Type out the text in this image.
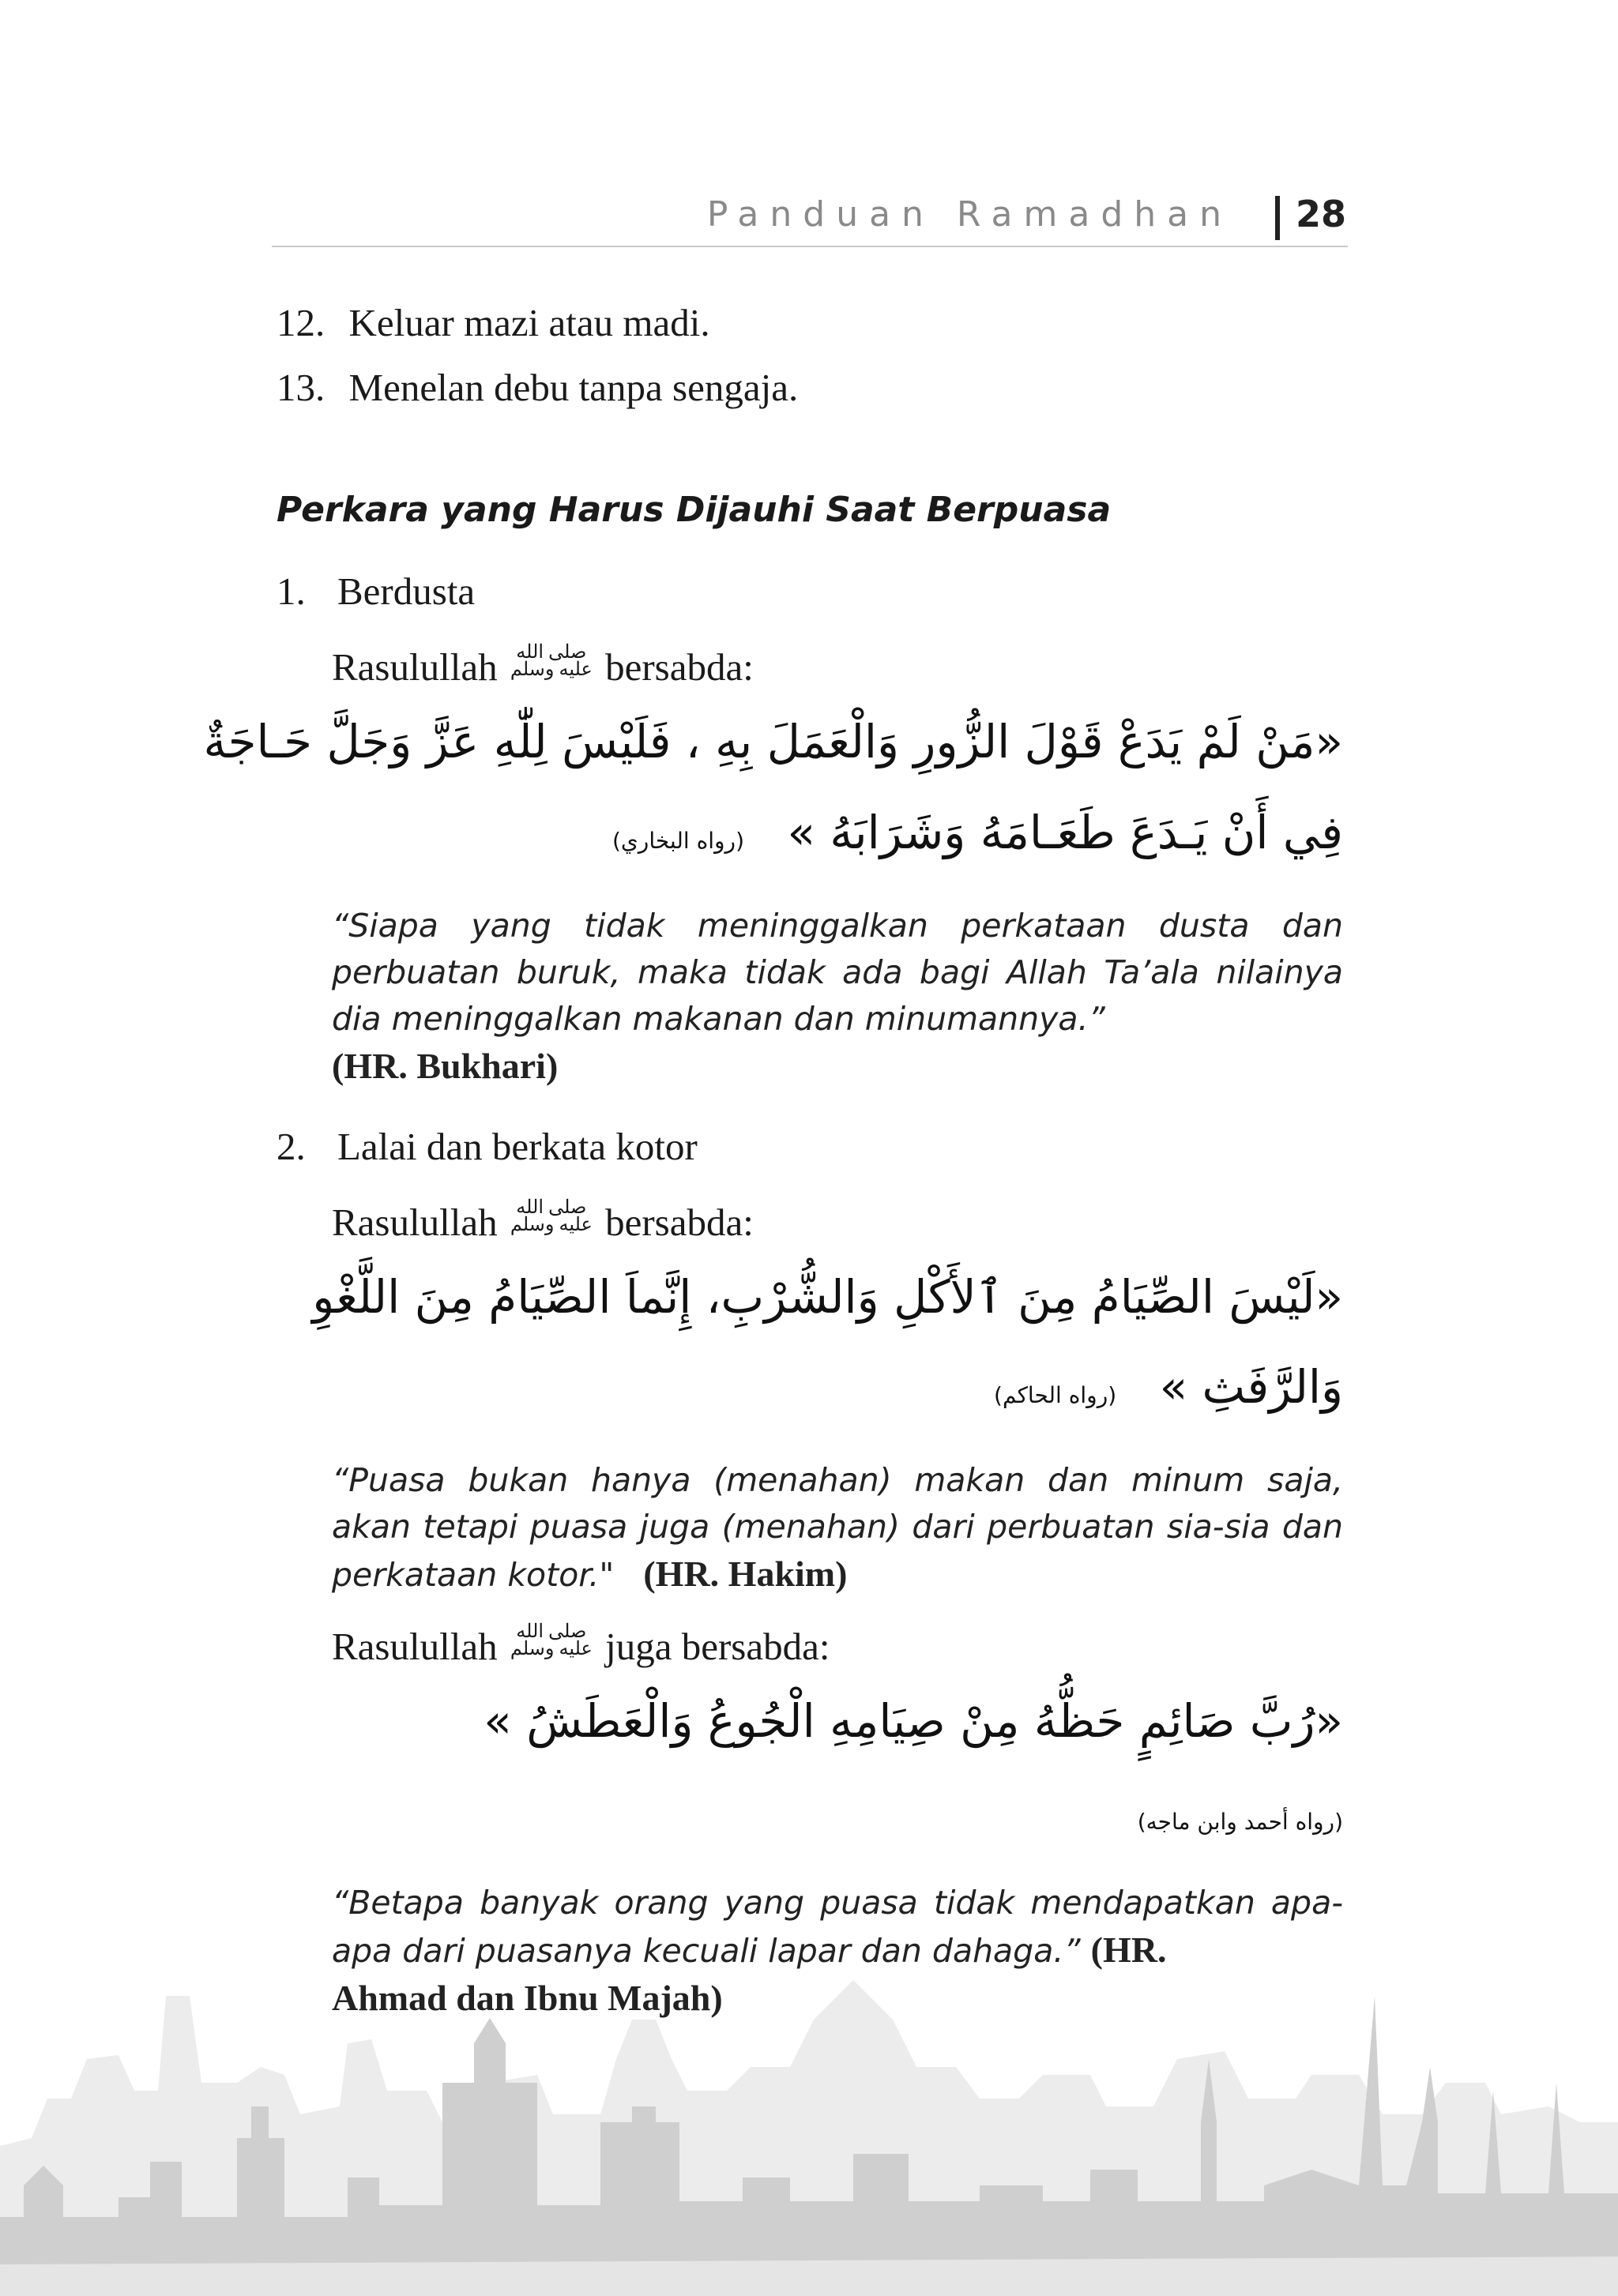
Panduan Ramadhan 28
12. Keluar mazi atau madi.
13. Menelan debu tanpa sengaja.
Perkara yang Harus Dijauhi Saat Berpuasa
1. Berdusta
Rasulullah صلى الله
عليه وسلم bersabda:
«مَنْ لَمْ يَدَعْ قَوْلَ الزُّورِ وَالْعَمَلَ بِهِ ، فَلَيْسَ لِلّٰهِ عَزَّ وَجَلَّ حَـاجَةٌ
فِي أَنْ يَـدَعَ طَعَـامَهُ وَشَرَابَهُ » (رواه البخاري)
“Siapa yang tidak meninggalkan perkataan dusta dan perbuatan buruk, maka tidak ada bagi Allah Ta’ala nilainya dia meninggalkan makanan dan minumannya.”
(HR. Bukhari)
2. Lalai dan berkata kotor
Rasulullah صلى الله
عليه وسلم bersabda:
«لَيْسَ الصِّيَامُ مِنَ ٱلأَكْلِ وَالشُّرْبِ، إِنَّماَ الصِّيَامُ مِنَ اللَّغْوِ
وَالرَّفَثِ » (رواه الحاكم)
“Puasa bukan hanya (menahan) makan dan minum saja, akan tetapi puasa juga (menahan) dari perbuatan sia-sia dan perkataan kotor." (HR. Hakim)
Rasulullah صلى الله
عليه وسلم juga bersabda:
«رُبَّ صَائِمٍ حَظُّهُ مِنْ صِيَامِهِ الْجُوعُ وَالْعَطَشُ »
(رواه أحمد وابن ماجه)
“Betapa banyak orang yang puasa tidak mendapatkan apa-apa dari puasanya kecuali lapar dan dahaga.” (HR.
Ahmad dan Ibnu Majah)
